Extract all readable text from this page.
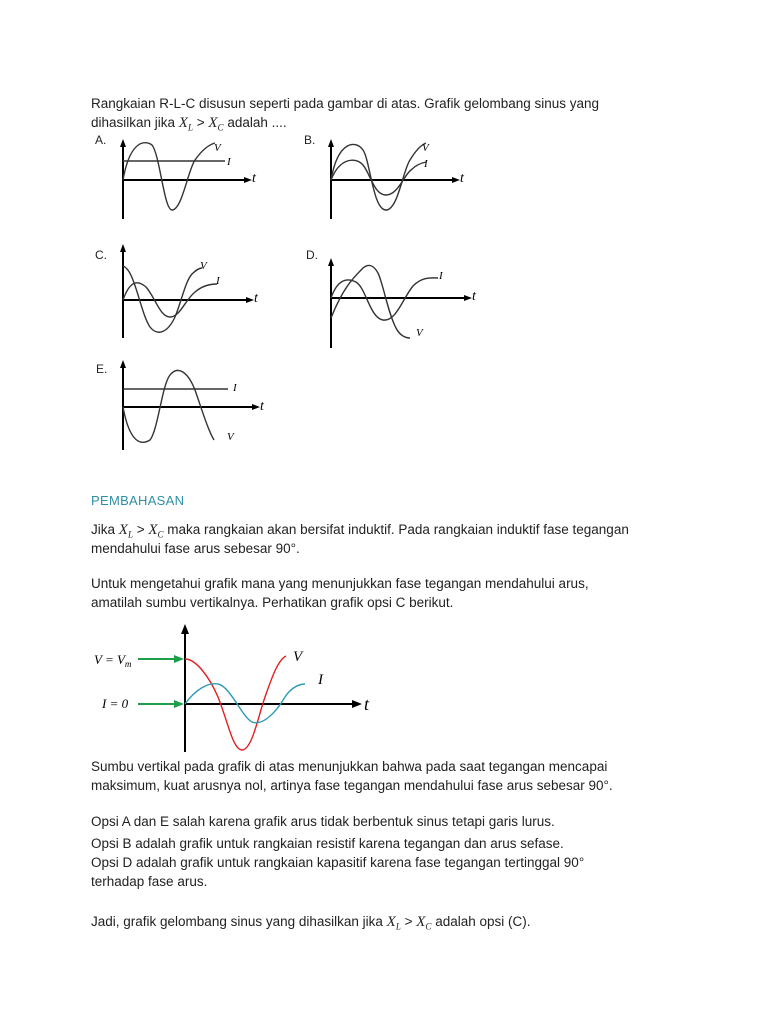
Rangkaian R-L-C disusun seperti pada gambar di atas. Grafik gelombang sinus yang
dihasilkan jika $X_L > X_C$ adalah ....
A.	B.
C.	D.
E.
V
I
t
V
I
t
V
I
t
V
I
t
I
V
t
PEMBAHASAN
Jika $X_L > X_C$ maka rangkaian akan bersifat induktif. Pada rangkaian induktif fase tegangan
mendahului fase arus sebesar 90°.
Untuk mengetahui grafik mana yang menunjukkan fase tegangan mendahului arus,
amatilah sumbu vertikalnya. Perhatikan grafik opsi C berikut.
$V = V_m$
I = 0
V
I
t
Sumbu vertikal pada grafik di atas menunjukkan bahwa pada saat tegangan mencapai
maksimum, kuat arusnya nol, artinya fase tegangan mendahului fase arus sebesar 90°.
Opsi A dan E salah karena grafik arus tidak berbentuk sinus tetapi garis lurus.
Opsi B adalah grafik untuk rangkaian resistif karena tegangan dan arus sefase.
Opsi D adalah grafik untuk rangkaian kapasitif karena fase tegangan tertinggal 90°
terhadap fase arus.
Jadi, grafik gelombang sinus yang dihasilkan jika $X_L > X_C$ adalah opsi (C).
